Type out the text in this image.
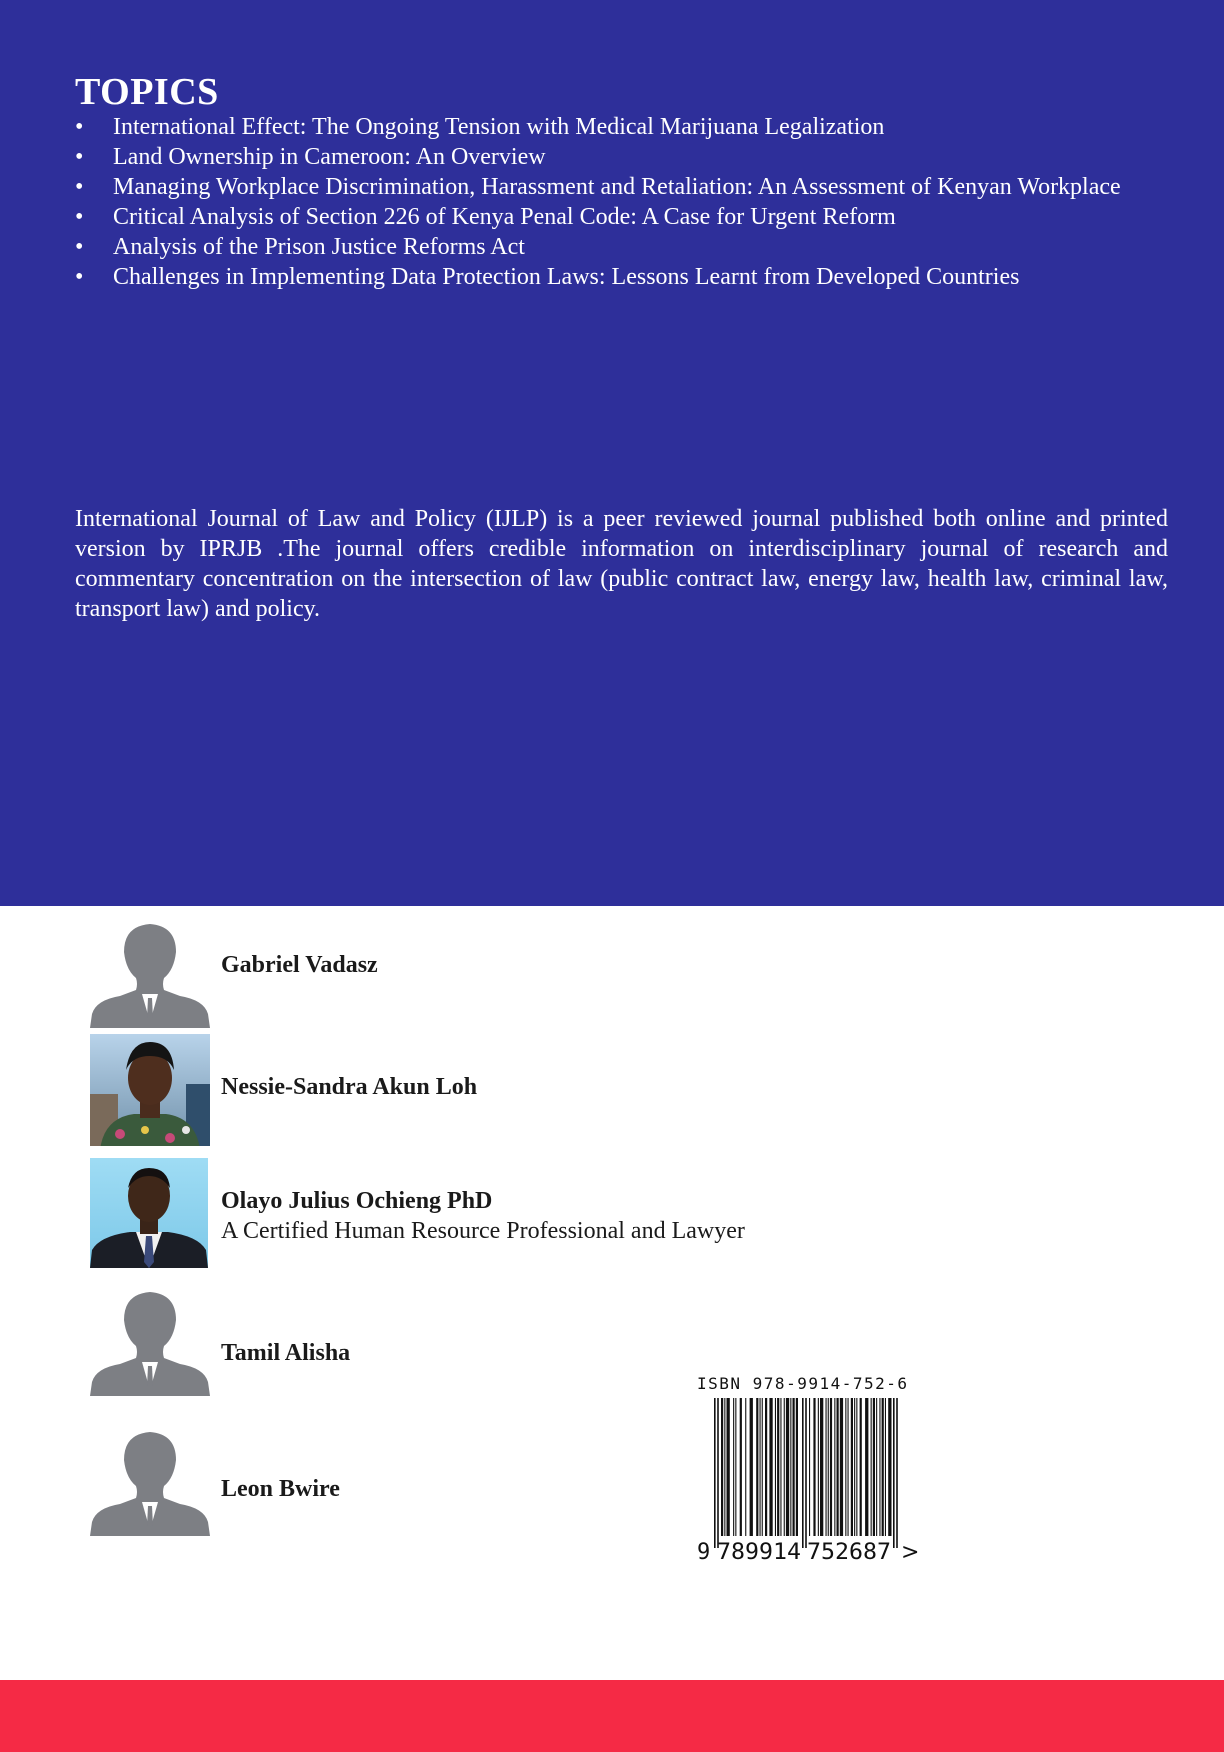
TOPICS
• International Effect: The Ongoing Tension with Medical Marijuana Legalization
• Land Ownership in Cameroon: An Overview
• Managing Workplace Discrimination, Harassment and Retaliation: An Assessment of Kenyan Workplace
• Critical Analysis of Section 226 of Kenya Penal Code: A Case for Urgent Reform
• Analysis of the Prison Justice Reforms Act
• Challenges in Implementing Data Protection Laws: Lessons Learnt from Developed Countries

International Journal of Law and Policy (IJLP) is a peer reviewed journal published both online and printed version by IPRJB .The journal offers credible information on interdisciplinary journal of research and commentary concentration on the intersection of law (public contract law, energy law, health law, criminal law, transport law) and policy.

Gabriel Vadasz
Nessie-Sandra Akun Loh
Olayo Julius Ochieng PhD
A Certified Human Resource Professional and Lawyer
Tamil Alisha
Leon Bwire
ISBN 978-9914-752-6
9 789914 752687 >
